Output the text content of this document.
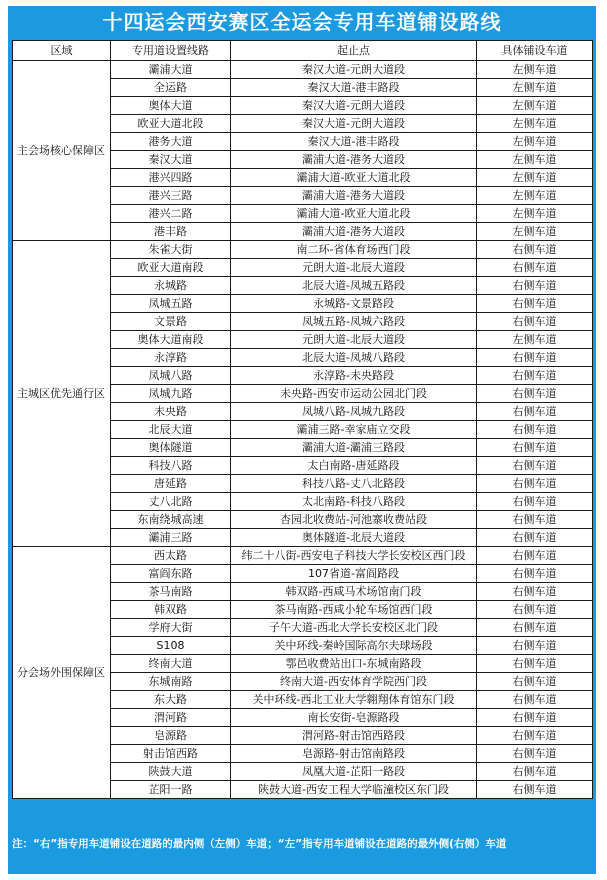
十四运会西安赛区全运会专用车道铺设路线
区域	专用道设置线路	起止点	具体铺设车道
主会场核心保障区	灞浦大道	秦汉大道-元朗大道段	左侧车道
	全运路	秦汉大道-港丰路段	左侧车道
	奥体大道	秦汉大道-元朗大道段	左侧车道
	欧亚大道北段	秦汉大道-元朗大道段	左侧车道
	港务大道	秦汉大道-港丰路段	左侧车道
	秦汉大道	灞浦大道-港务大道段	左侧车道
	港兴四路	灞浦大道-欧亚大道北段	左侧车道
	港兴三路	灞浦大道-港务大道段	左侧车道
	港兴二路	灞浦大道-欧亚大道北段	左侧车道
	港丰路	灞浦大道-港务大道段	左侧车道
主城区优先通行区	朱雀大街	南二环-省体育场西门段	右侧车道
	欧亚大道南段	元朗大道-北辰大道段	右侧车道
	永城路	北辰大道-凤城五路段	右侧车道
	凤城五路	永城路-文景路段	右侧车道
	文景路	凤城五路-凤城六路段	右侧车道
	奥体大道南段	元朗大道-北辰大道段	左侧车道
	永淳路	北辰大道-凤城八路段	右侧车道
	凤城八路	永淳路-未央路段	右侧车道
	凤城九路	未央路-西安市运动公园北门段	右侧车道
	未央路	凤城八路-凤城九路段	右侧车道
	北辰大道	灞浦三路-幸家庙立交段	右侧车道
	奥体隧道	灞浦大道-灞浦三路段	右侧车道
	科技八路	太白南路-唐延路段	右侧车道
	唐延路	科技八路-丈八北路段	右侧车道
	丈八北路	太北南路-科技八路段	右侧车道
	东南绕城高速	杏园北收费站-河池寨收费站段	右侧车道
	灞浦三路	奥体隧道-北辰大道段	右侧车道
分会场外围保障区	西太路	纬二十八街-西安电子科技大学长安校区西门段	右侧车道
	富阎东路	107省道-富阎路段	右侧车道
	茶马南路	韩双路-西咸马术场馆南门段	右侧车道
	韩双路	茶马南路-西咸小轮车场馆西门段	右侧车道
	学府大街	子午大道-西北大学长安校区北门段	右侧车道
	S108	关中环线-秦岭国际高尔夫球场段	右侧车道
	终南大道	鄠邑收费站出口-东城南路段	右侧车道
	东城南路	终南大道-西安体育学院西门段	右侧车道
	东大路	关中环线-西北工业大学翱翔体育馆东门段	右侧车道
	渭河路	南长安街-皂源路段	右侧车道
	皂源路	渭河路-射击馆西路段	右侧车道
	射击馆西路	皂源路-射击馆南路段	右侧车道
	陕鼓大道	凤凰大道-芷阳一路段	右侧车道
	芷阳一路	陕鼓大道-西安工程大学临潼校区东门段	右侧车道
注：“右”指专用车道铺设在道路的最内侧（左侧）车道；“左”指专用车道铺设在道路的最外侧(右侧）车道
